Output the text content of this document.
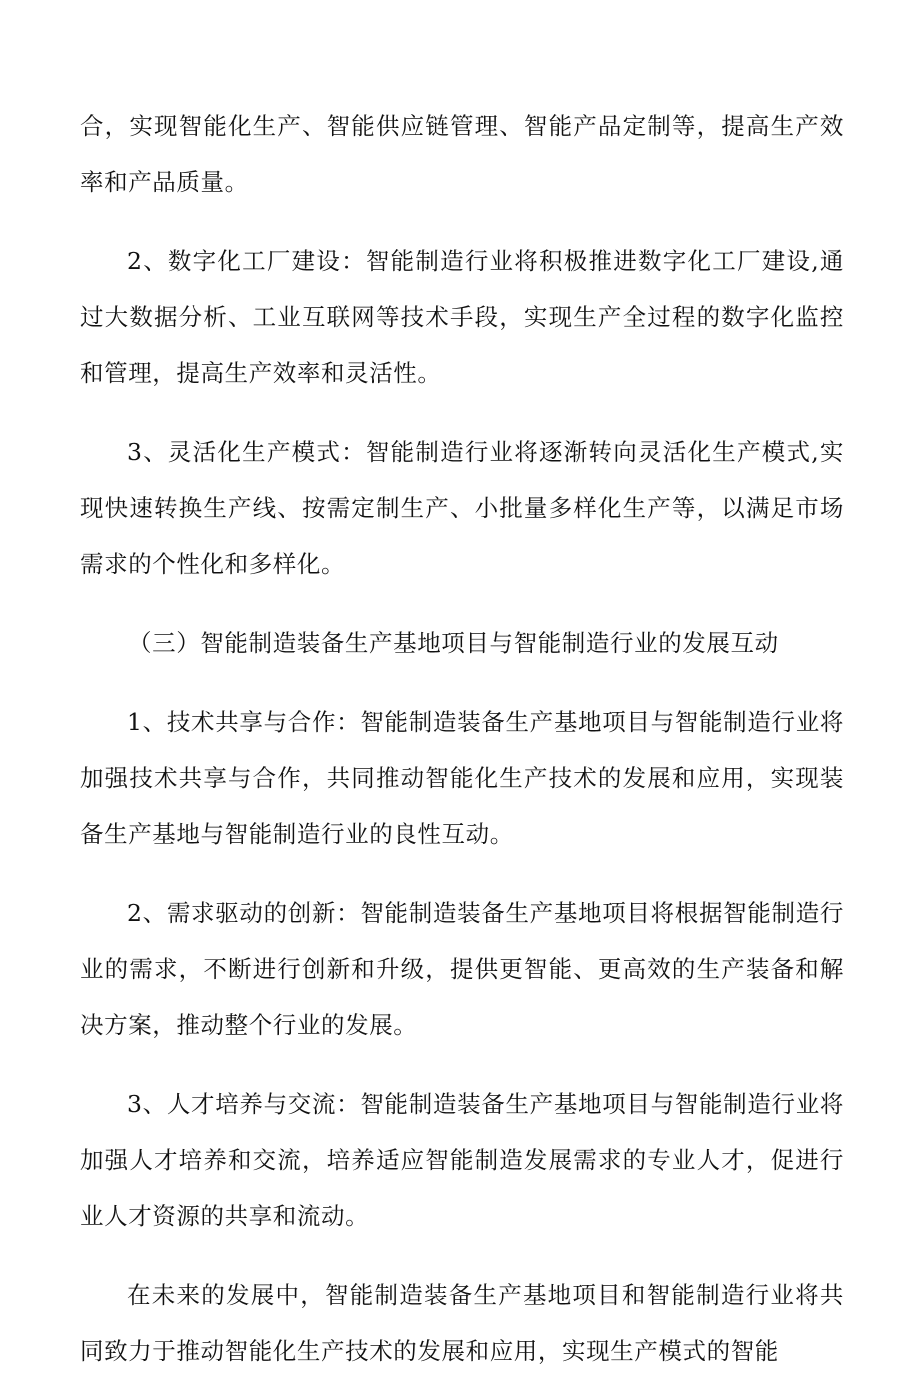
合，实现智能化生产、智能供应链管理、智能产品定制等，提高生产效率和产品质量。

2、数字化工厂建设：智能制造行业将积极推进数字化工厂建设,通过大数据分析、工业互联网等技术手段，实现生产全过程的数字化监控和管理，提高生产效率和灵活性。

3、灵活化生产模式：智能制造行业将逐渐转向灵活化生产模式,实现快速转换生产线、按需定制生产、小批量多样化生产等，以满足市场需求的个性化和多样化。

（三）智能制造装备生产基地项目与智能制造行业的发展互动

1、技术共享与合作：智能制造装备生产基地项目与智能制造行业将加强技术共享与合作，共同推动智能化生产技术的发展和应用，实现装备生产基地与智能制造行业的良性互动。

2、需求驱动的创新：智能制造装备生产基地项目将根据智能制造行业的需求，不断进行创新和升级，提供更智能、更高效的生产装备和解决方案，推动整个行业的发展。

3、人才培养与交流：智能制造装备生产基地项目与智能制造行业将加强人才培养和交流，培养适应智能制造发展需求的专业人才，促进行业人才资源的共享和流动。

在未来的发展中，智能制造装备生产基地项目和智能制造行业将共同致力于推动智能化生产技术的发展和应用，实现生产模式的智能
